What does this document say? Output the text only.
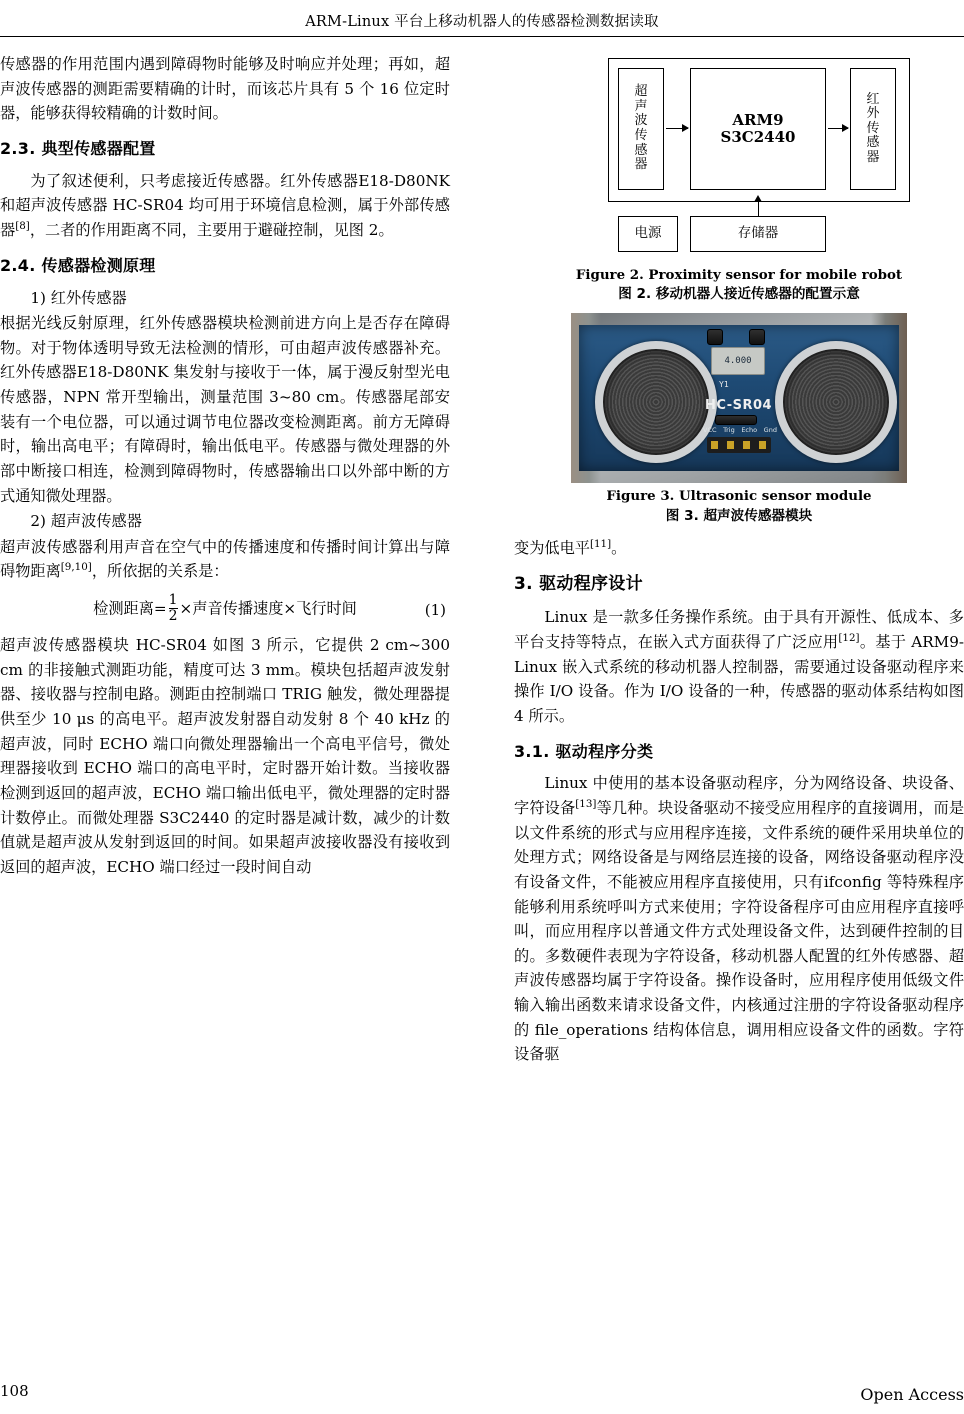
ARM-Linux 平台上移动机器人的传感器检测数据读取

传感器的作用范围内遇到障碍物时能够及时响应并处理；再如，超声波传感器的测距需要精确的计时，而该芯片具有 5 个 16 位定时器，能够获得较精确的计数时间。

2.3. 典型传感器配置

为了叙述便利，只考虑接近传感器。红外传感器E18-D80NK 和超声波传感器 HC-SR04 均可用于环境信息检测，属于外部传感器[8]，二者的作用距离不同，主要用于避碰控制，见图 2。

2.4. 传感器检测原理

1) 红外传感器

根据光线反射原理，红外传感器模块检测前进方向上是否存在障碍物。对于物体透明导致无法检测的情形，可由超声波传感器补充。红外传感器E18-D80NK 集发射与接收于一体，属于漫反射型光电传感器，NPN 常开型输出，测量范围 3~80 cm。传感器尾部安装有一个电位器，可以通过调节电位器改变检测距离。前方无障碍时，输出高电平；有障碍时，输出低电平。传感器与微处理器的外部中断接口相连，检测到障碍物时，传感器输出口以外部中断的方式通知微处理器。

2) 超声波传感器

超声波传感器利用声音在空气中的传播速度和传播时间计算出与障碍物距离[9,10]，所依据的关系是：

检测距离= $\frac{1}{2}$ ×声音传播速度×飞行时间	(1)

超声波传感器模块 HC-SR04 如图 3 所示，它提供 2 cm~300 cm 的非接触式测距功能，精度可达 3 mm。模块包括超声波发射器、接收器与控制电路。测距由控制端口 TRIG 触发，微处理器提供至少 10 μs 的高电平。超声波发射器自动发射 8 个 40 kHz 的超声波，同时 ECHO 端口向微处理器输出一个高电平信号，微处理器接收到 ECHO 端口的高电平时，定时器开始计数。当接收器检测到返回的超声波，ECHO 端口输出低电平，微处理器的定时器计数停止。而微处理器 S3C2440 的定时器是减计数，减少的计数值就是超声波从发射到返回的时间。如果超声波接收器没有接收到返回的超声波，ECHO 端口经过一段时间自动

超
声
波
传
感
器
ARM9
S3C2440
红
外
传
感
器
电源	存储器
Figure 2. Proximity sensor for mobile robot
图 2. 移动机器人接近传感器的配置示意
4.000
Y1
HC-SR04
VCC Trig Echo Gnd
Figure 3. Ultrasonic sensor module
图 3. 超声波传感器模块

变为低电平[11]。

3. 驱动程序设计

Linux 是一款多任务操作系统。由于具有开源性、低成本、多平台支持等特点，在嵌入式方面获得了广泛应用[12]。基于 ARM9-Linux 嵌入式系统的移动机器人控制器，需要通过设备驱动程序来操作 I/O 设备。作为 I/O 设备的一种，传感器的驱动体系结构如图 4 所示。

3.1. 驱动程序分类

Linux 中使用的基本设备驱动程序，分为网络设备、块设备、字符设备[13]等几种。块设备驱动不接受应用程序的直接调用，而是以文件系统的形式与应用程序连接，文件系统的硬件采用块单位的处理方式；网络设备是与网络层连接的设备，网络设备驱动程序没有设备文件，不能被应用程序直接使用，只有ifconfig 等特殊程序能够利用系统呼叫方式来使用；字符设备程序可由应用程序直接呼叫，而应用程序以普通文件方式处理设备文件，达到硬件控制的目的。多数硬件表现为字符设备，移动机器人配置的红外传感器、超声波传感器均属于字符设备。操作设备时，应用程序使用低级文件输入输出函数来请求设备文件，内核通过注册的字符设备驱动程序的 file_operations 结构体信息，调用相应设备文件的函数。字符设备驱

108	Open Access
